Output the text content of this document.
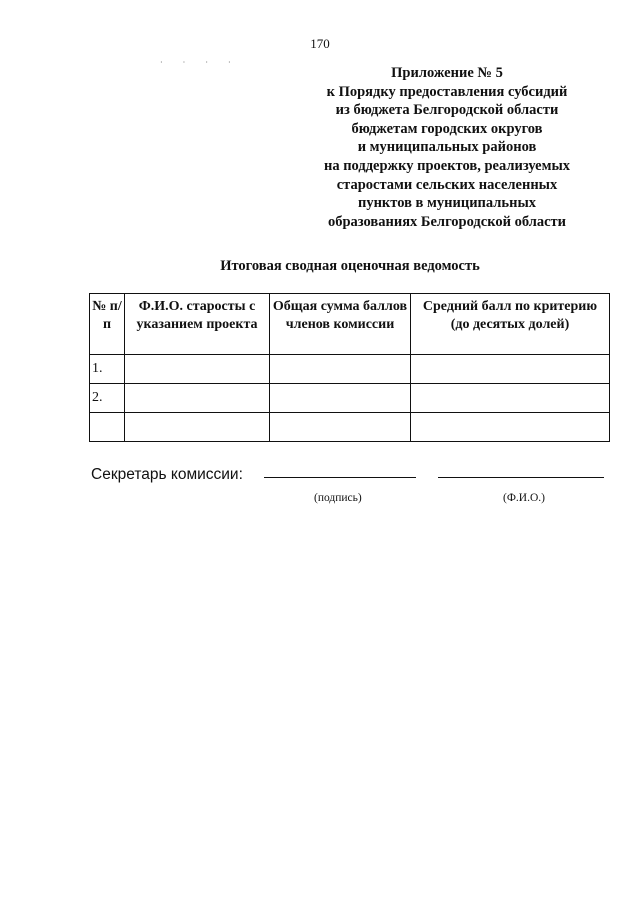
170
· · · ·
Приложение № 5
к Порядку предоставления субсидий
из бюджета Белгородской области
бюджетам городских округов
и муниципальных районов
на поддержку проектов, реализуемых
старостами сельских населенных
пунктов в муниципальных
образованиях Белгородской области
Итоговая сводная оценочная ведомость
№ п/п	Ф.И.О. старосты с указанием проекта	Общая сумма баллов членов комиссии	Средний балл по критерию (до десятых долей)
1.			
2.			

Секретарь комиссии:
(подпись)	(Ф.И.О.)
